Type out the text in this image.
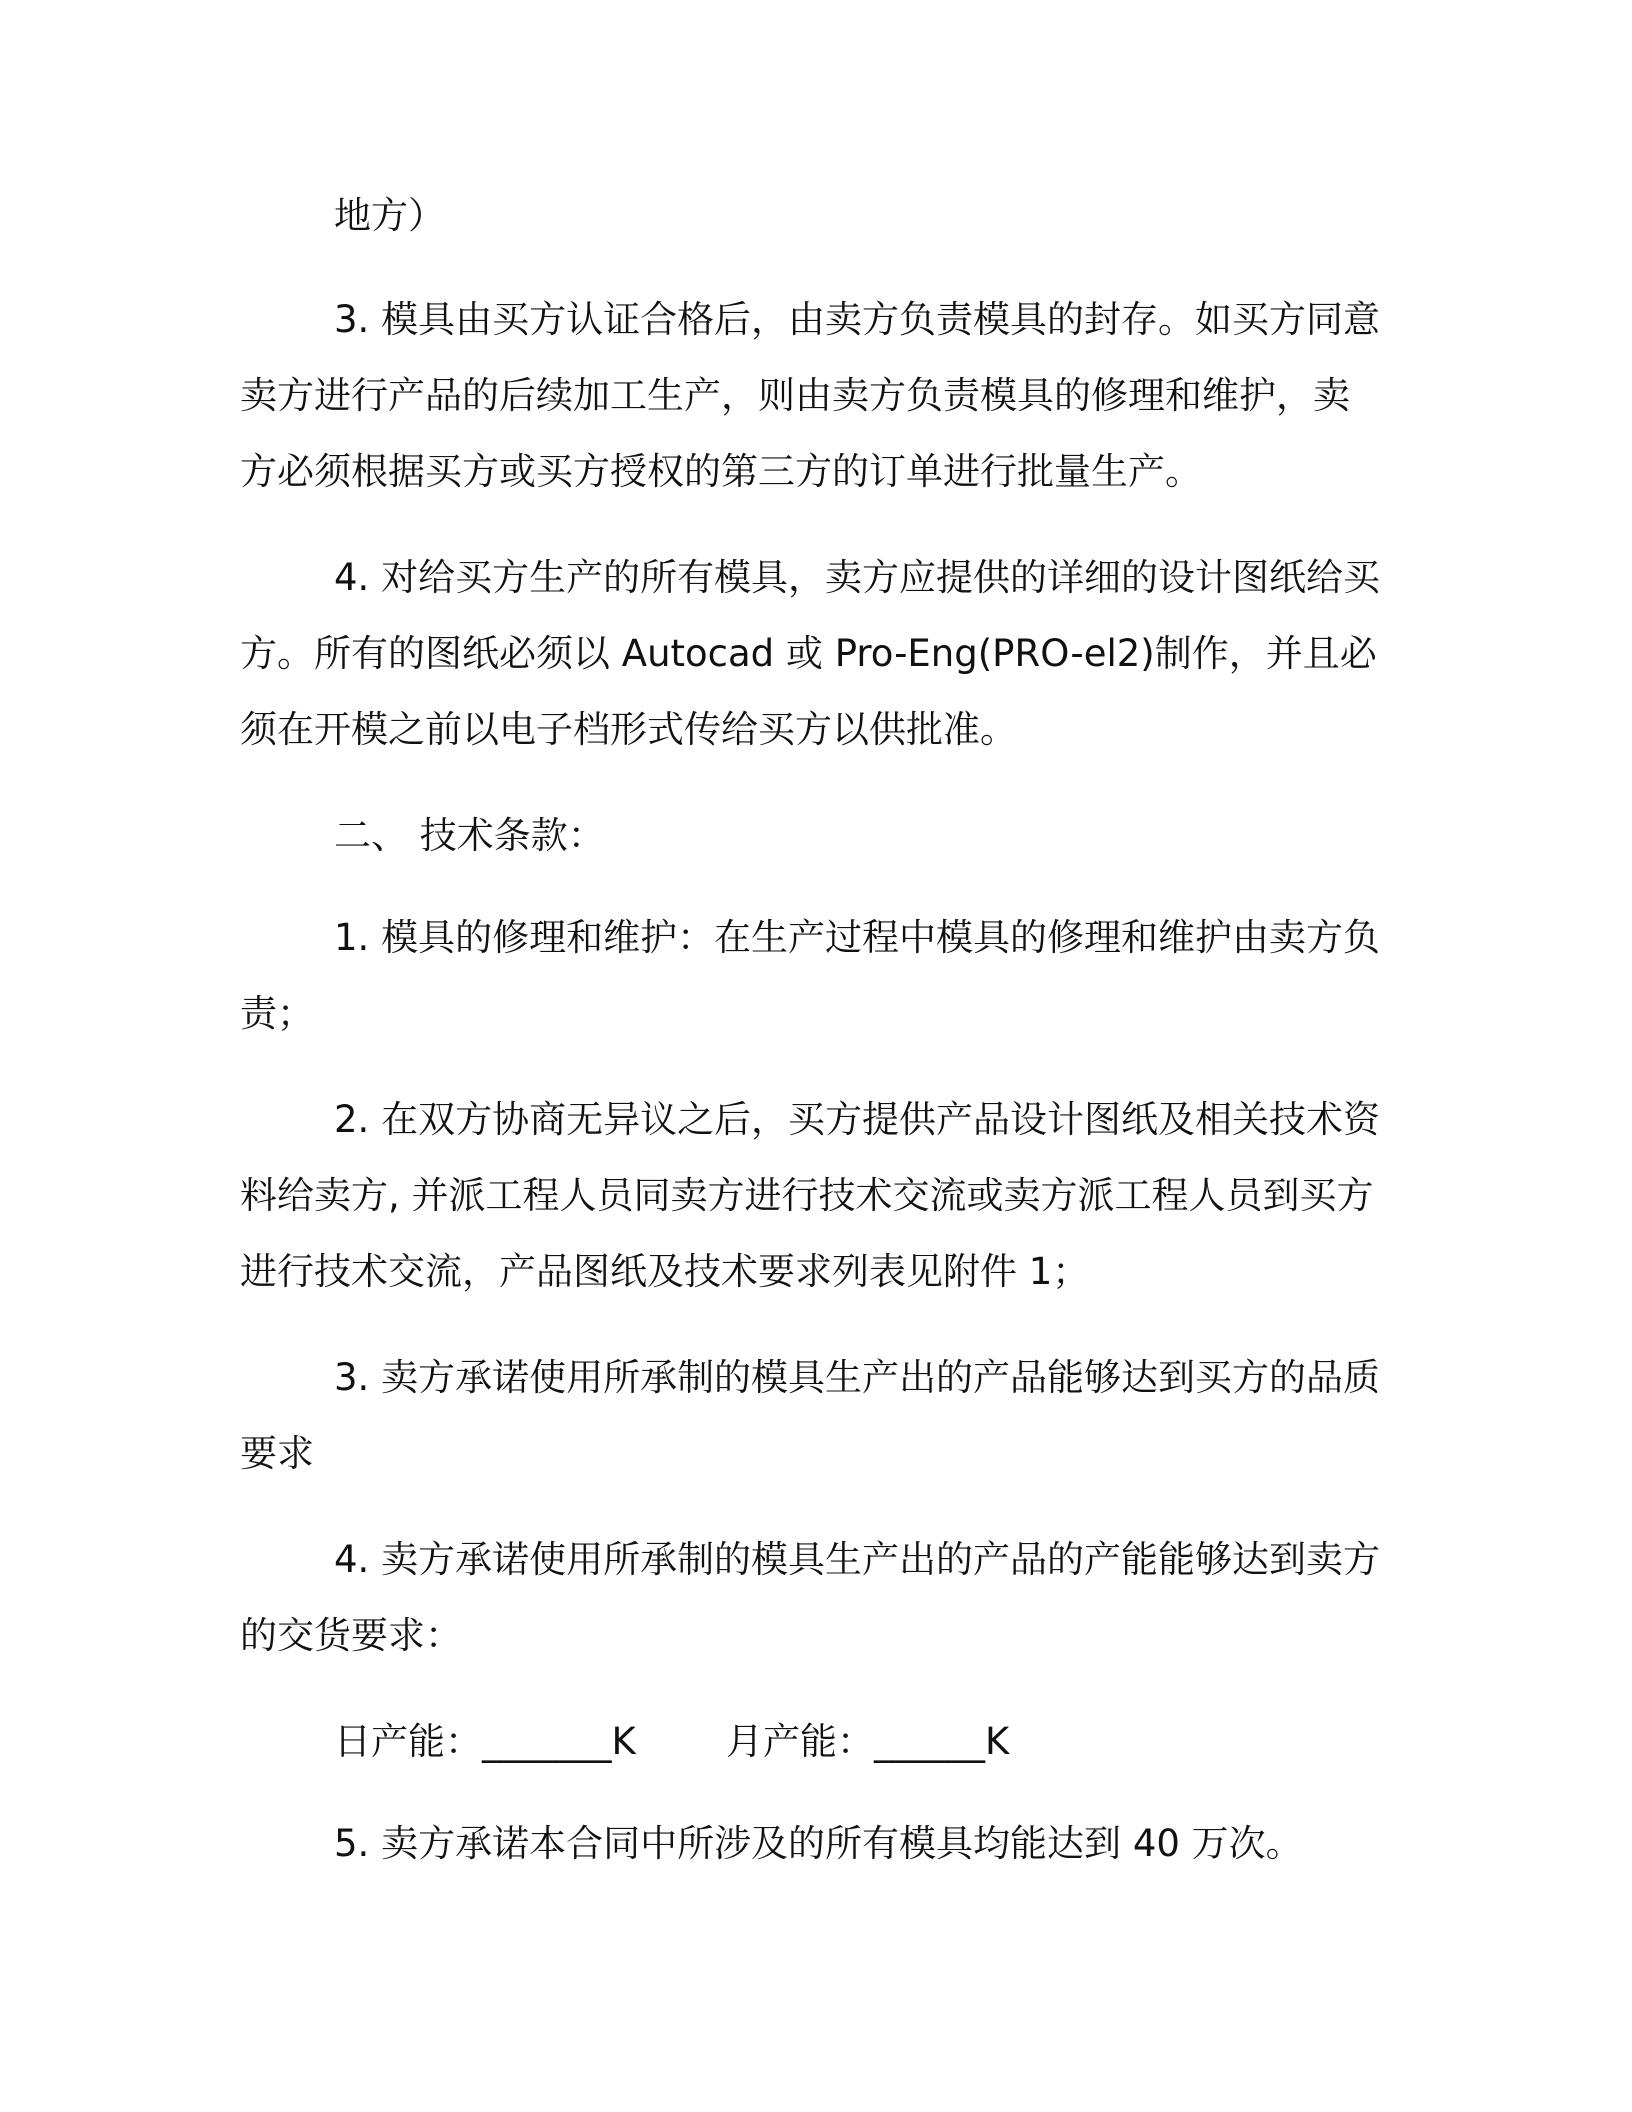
地方）
3. 模具由买方认证合格后，由卖方负责模具的封存。如买方同意
卖方进行产品的后续加工生产，则由卖方负责模具的修理和维护，卖
方必须根据买方或买方授权的第三方的订单进行批量生产。
4. 对给买方生产的所有模具，卖方应提供的详细的设计图纸给买
方。所有的图纸必须以 Autocad 或 Pro-Eng(PRO-el2)制作，并且必
须在开模之前以电子档形式传给买方以供批准。
二、 技术条款：
1. 模具的修理和维护：在生产过程中模具的修理和维护由卖方负
责；
2. 在双方协商无异议之后，买方提供产品设计图纸及相关技术资
料给卖方, 并派工程人员同卖方进行技术交流或卖方派工程人员到买方
进行技术交流，产品图纸及技术要求列表见附件 1；
3. 卖方承诺使用所承制的模具生产出的产品能够达到买方的品质
要求
4. 卖方承诺使用所承制的模具生产出的产品的产能能够达到卖方
的交货要求：
日产能：_______K 月产能：______K
5. 卖方承诺本合同中所涉及的所有模具均能达到 40 万次。
